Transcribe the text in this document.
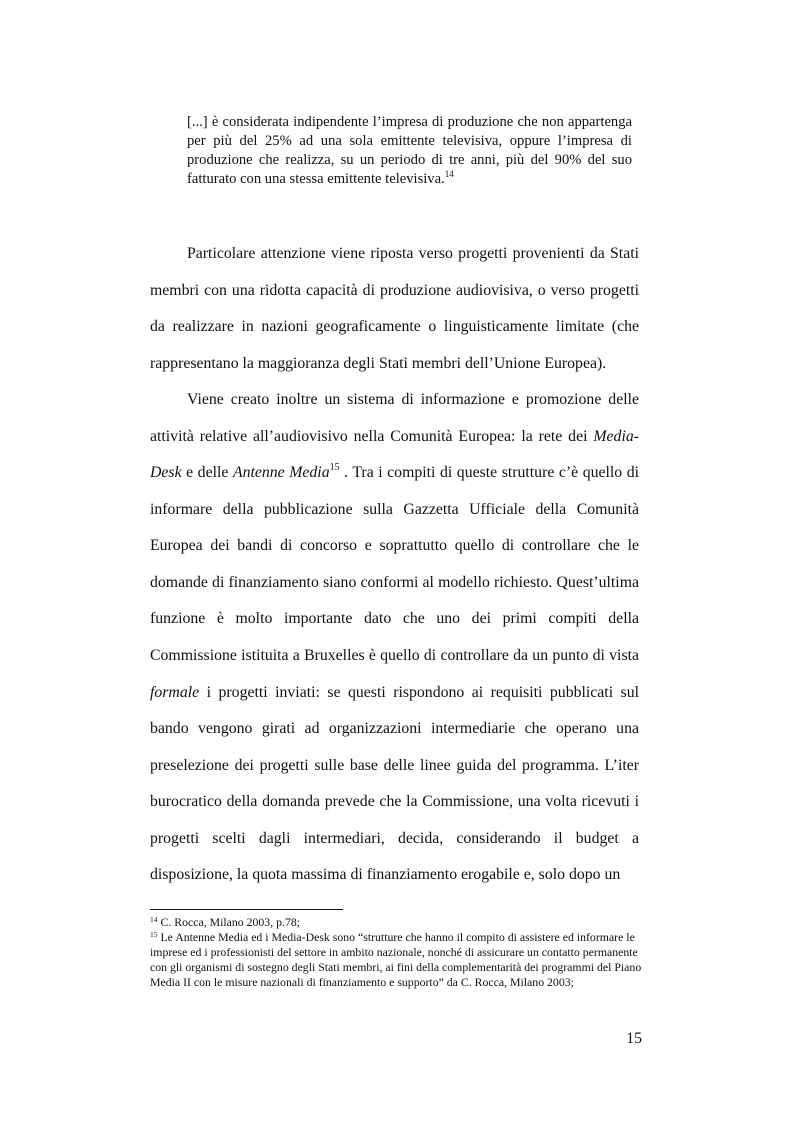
[...] è considerata indipendente l’impresa di produzione che non appartenga per più del 25% ad una sola emittente televisiva, oppure l’impresa di produzione che realizza, su un periodo di tre anni, più del 90% del suo fatturato con una stessa emittente televisiva.$^{14}$

Particolare attenzione viene riposta verso progetti provenienti da Stati membri con una ridotta capacità di produzione audiovisiva, o verso progetti da realizzare in nazioni geograficamente o linguisticamente limitate (che rappresentano la maggioranza degli Stati membri dell’Unione Europea).

Viene creato inoltre un sistema di informazione e promozione delle attività relative all’audiovisivo nella Comunità Europea: la rete dei Media-Desk e delle Antenne Media$^{15}$ . Tra i compiti di queste strutture c’è quello di informare della pubblicazione sulla Gazzetta Ufficiale della Comunità Europea dei bandi di concorso e soprattutto quello di controllare che le domande di finanziamento siano conformi al modello richiesto. Quest’ultima funzione è molto importante dato che uno dei primi compiti della Commissione istituita a Bruxelles è quello di controllare da un punto di vista formale i progetti inviati: se questi rispondono ai requisiti pubblicati sul bando vengono girati ad organizzazioni intermediarie che operano una preselezione dei progetti sulle base delle linee guida del programma. L’iter burocratico della domanda prevede che la Commissione, una volta ricevuti i progetti scelti dagli intermediari, decida, considerando il budget a disposizione, la quota massima di finanziamento erogabile e, solo dopo un

$^{14}$ C. Rocca, Milano 2003, p.78;

$^{15}$ Le Antenne Media ed i Media-Desk sono “strutture che hanno il compito di assistere ed informare le imprese ed i professionisti del settore in ambito nazionale, nonché di assicurare un contatto permanente con gli organismi di sostegno degli Stati membri, ai fini della complementarità dei programmi del Piano Media II con le misure nazionali di finanziamento e supporto” da C. Rocca, Milano 2003;

15
